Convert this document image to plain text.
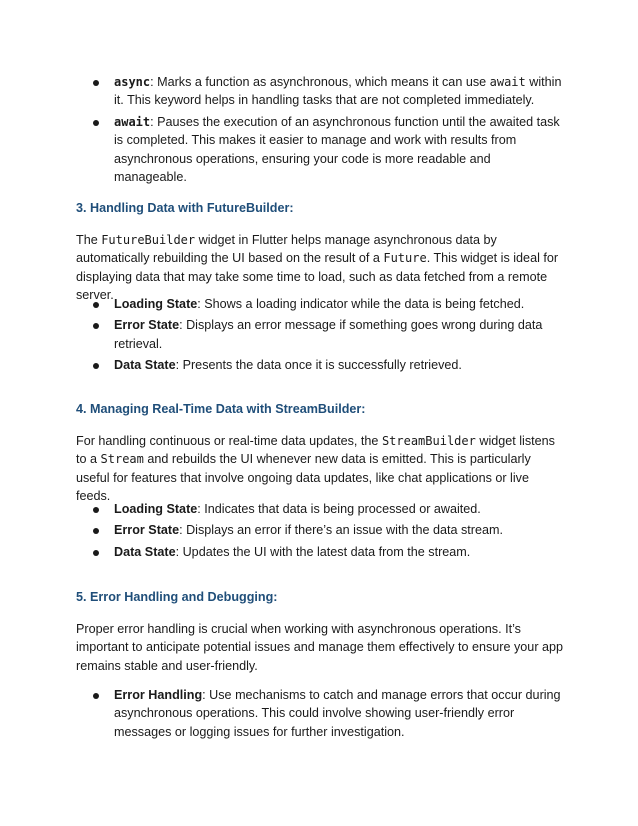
async: Marks a function as asynchronous, which means it can use await within it. This keyword helps in handling tasks that are not completed immediately.
await: Pauses the execution of an asynchronous function until the awaited task is completed. This makes it easier to manage and work with results from asynchronous operations, ensuring your code is more readable and manageable.
3. Handling Data with FutureBuilder:
The FutureBuilder widget in Flutter helps manage asynchronous data by automatically rebuilding the UI based on the result of a Future. This widget is ideal for displaying data that may take some time to load, such as data fetched from a remote server.
Loading State: Shows a loading indicator while the data is being fetched.
Error State: Displays an error message if something goes wrong during data retrieval.
Data State: Presents the data once it is successfully retrieved.
4. Managing Real-Time Data with StreamBuilder:
For handling continuous or real-time data updates, the StreamBuilder widget listens to a Stream and rebuilds the UI whenever new data is emitted. This is particularly useful for features that involve ongoing data updates, like chat applications or live feeds.
Loading State: Indicates that data is being processed or awaited.
Error State: Displays an error if there’s an issue with the data stream.
Data State: Updates the UI with the latest data from the stream.
5. Error Handling and Debugging:
Proper error handling is crucial when working with asynchronous operations. It’s important to anticipate potential issues and manage them effectively to ensure your app remains stable and user-friendly.
Error Handling: Use mechanisms to catch and manage errors that occur during asynchronous operations. This could involve showing user-friendly error messages or logging issues for further investigation.
